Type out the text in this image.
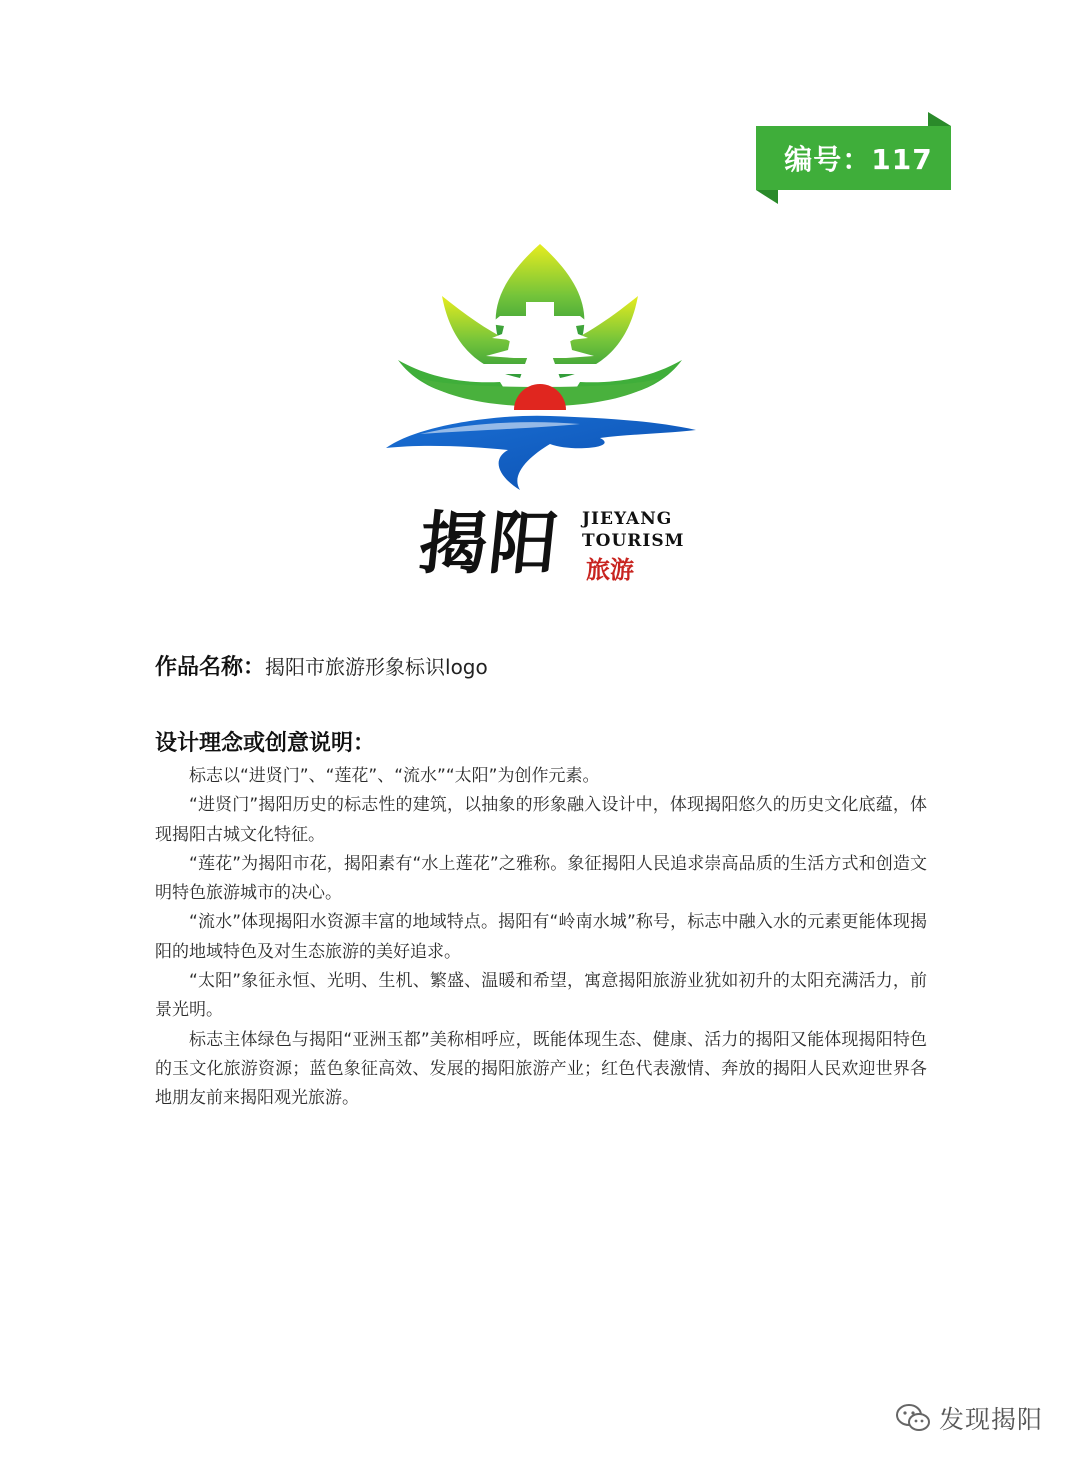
编号：117
揭阳 JIEYANG
TOURISM
旅游
作品名称：揭阳市旅游形象标识logo
设计理念或创意说明：

标志以“进贤门”、“莲花”、“流水”“太阳”为创作元素。

“进贤门”揭阳历史的标志性的建筑，以抽象的形象融入设计中，体现揭阳悠久的历史文化底蕴，体现揭阳古城文化特征。

“莲花”为揭阳市花，揭阳素有“水上莲花”之雅称。象征揭阳人民追求崇高品质的生活方式和创造文明特色旅游城市的决心。

“流水”体现揭阳水资源丰富的地域特点。揭阳有“岭南水城”称号，标志中融入水的元素更能体现揭阳的地域特色及对生态旅游的美好追求。

“太阳”象征永恒、光明、生机、繁盛、温暖和希望，寓意揭阳旅游业犹如初升的太阳充满活力，前景光明。

标志主体绿色与揭阳“亚洲玉都”美称相呼应，既能体现生态、健康、活力的揭阳又能体现揭阳特色的玉文化旅游资源；蓝色象征高效、发展的揭阳旅游产业；红色代表激情、奔放的揭阳人民欢迎世界各地朋友前来揭阳观光旅游。

发现揭阳
